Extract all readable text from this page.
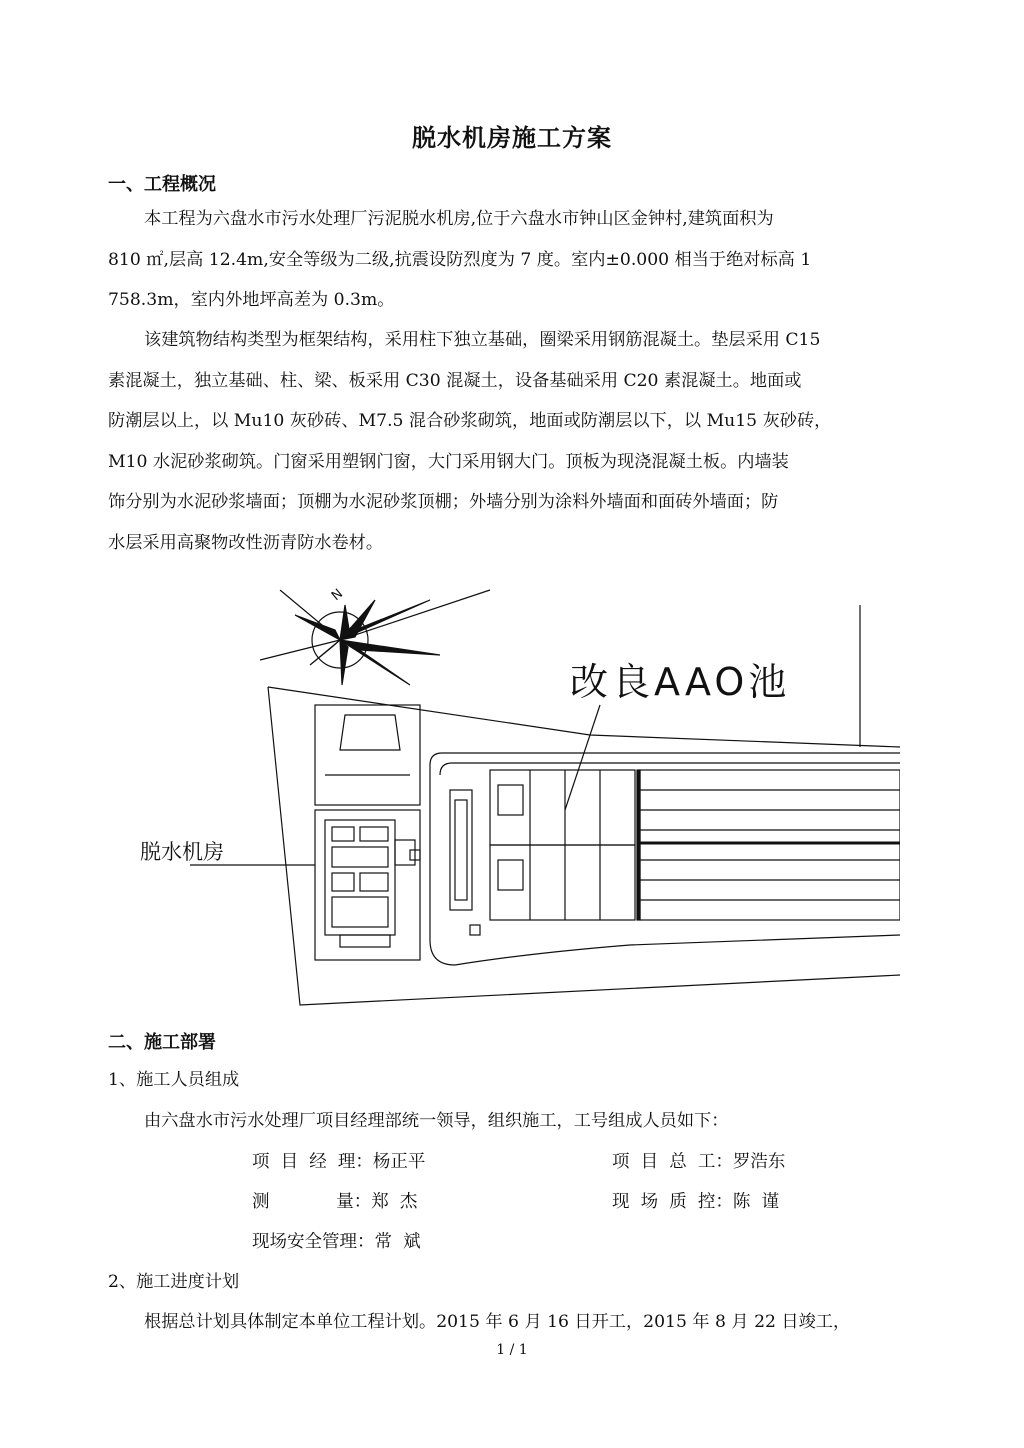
脱水机房施工方案
一、工程概况
本工程为六盘水市污水处理厂污泥脱水机房,位于六盘水市钟山区金钟村,建筑面积为
810 ㎡,层高 12.4m,安全等级为二级,抗震设防烈度为 7 度。室内±0.000 相当于绝对标高 1
758.3m，室内外地坪高差为 0.3m。
该建筑物结构类型为框架结构，采用柱下独立基础，圈梁采用钢筋混凝土。垫层采用 C15
素混凝土，独立基础、柱、梁、板采用 C30 混凝土，设备基础采用 C20 素混凝土。地面或
防潮层以上，以 Mu10 灰砂砖、M7.5 混合砂浆砌筑，地面或防潮层以下，以 Mu15 灰砂砖，
M10 水泥砂浆砌筑。门窗采用塑钢门窗，大门采用钢大门。顶板为现浇混凝土板。内墙装
饰分别为水泥砂浆墙面；顶棚为水泥砂浆顶棚；外墙分别为涂料外墙面和面砖外墙面；防
水层采用高聚物改性沥青防水卷材。
N
改良AAO池
脱水机房
二、施工部署
1、施工人员组成
由六盘水市污水处理厂项目经理部统一领导，组织施工，工号组成人员如下：
项  目  经  理：杨正平	项  目  总  工：罗浩东
测            量：郑  杰	现  场  质  控：陈  谨
现场安全管理：常  斌
2、施工进度计划
根据总计划具体制定本单位工程计划。2015 年 6 月 16 日开工，2015 年 8 月 22 日竣工，
1 / 1
